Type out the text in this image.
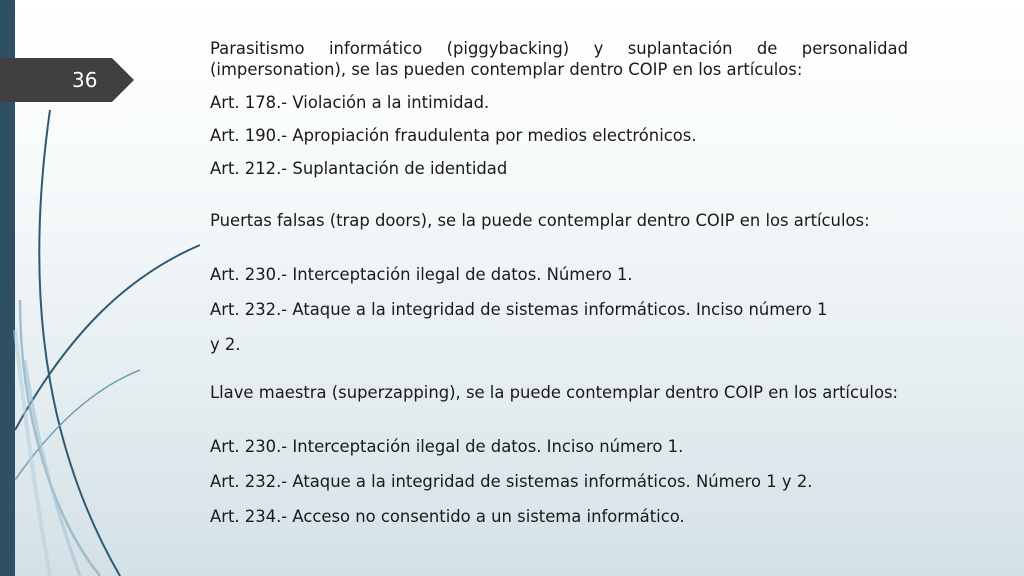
36

Parasitismo informático (piggybacking) y suplantación de personalidad (impersonation), se las pueden contemplar dentro COIP en los artículos:

Art. 178.- Violación a la intimidad.

Art. 190.- Apropiación fraudulenta por medios electrónicos.

Art. 212.- Suplantación de identidad

Puertas falsas (trap doors), se la puede contemplar dentro COIP en los artículos:

Art. 230.- Interceptación ilegal de datos. Número 1.

Art. 232.- Ataque a la integridad de sistemas informáticos. Inciso número 1

y 2.

Llave maestra (superzapping), se la puede contemplar dentro COIP en los artículos:

Art. 230.- Interceptación ilegal de datos. Inciso número 1.

Art. 232.- Ataque a la integridad de sistemas informáticos. Número 1 y 2.

Art. 234.- Acceso no consentido a un sistema informático.
